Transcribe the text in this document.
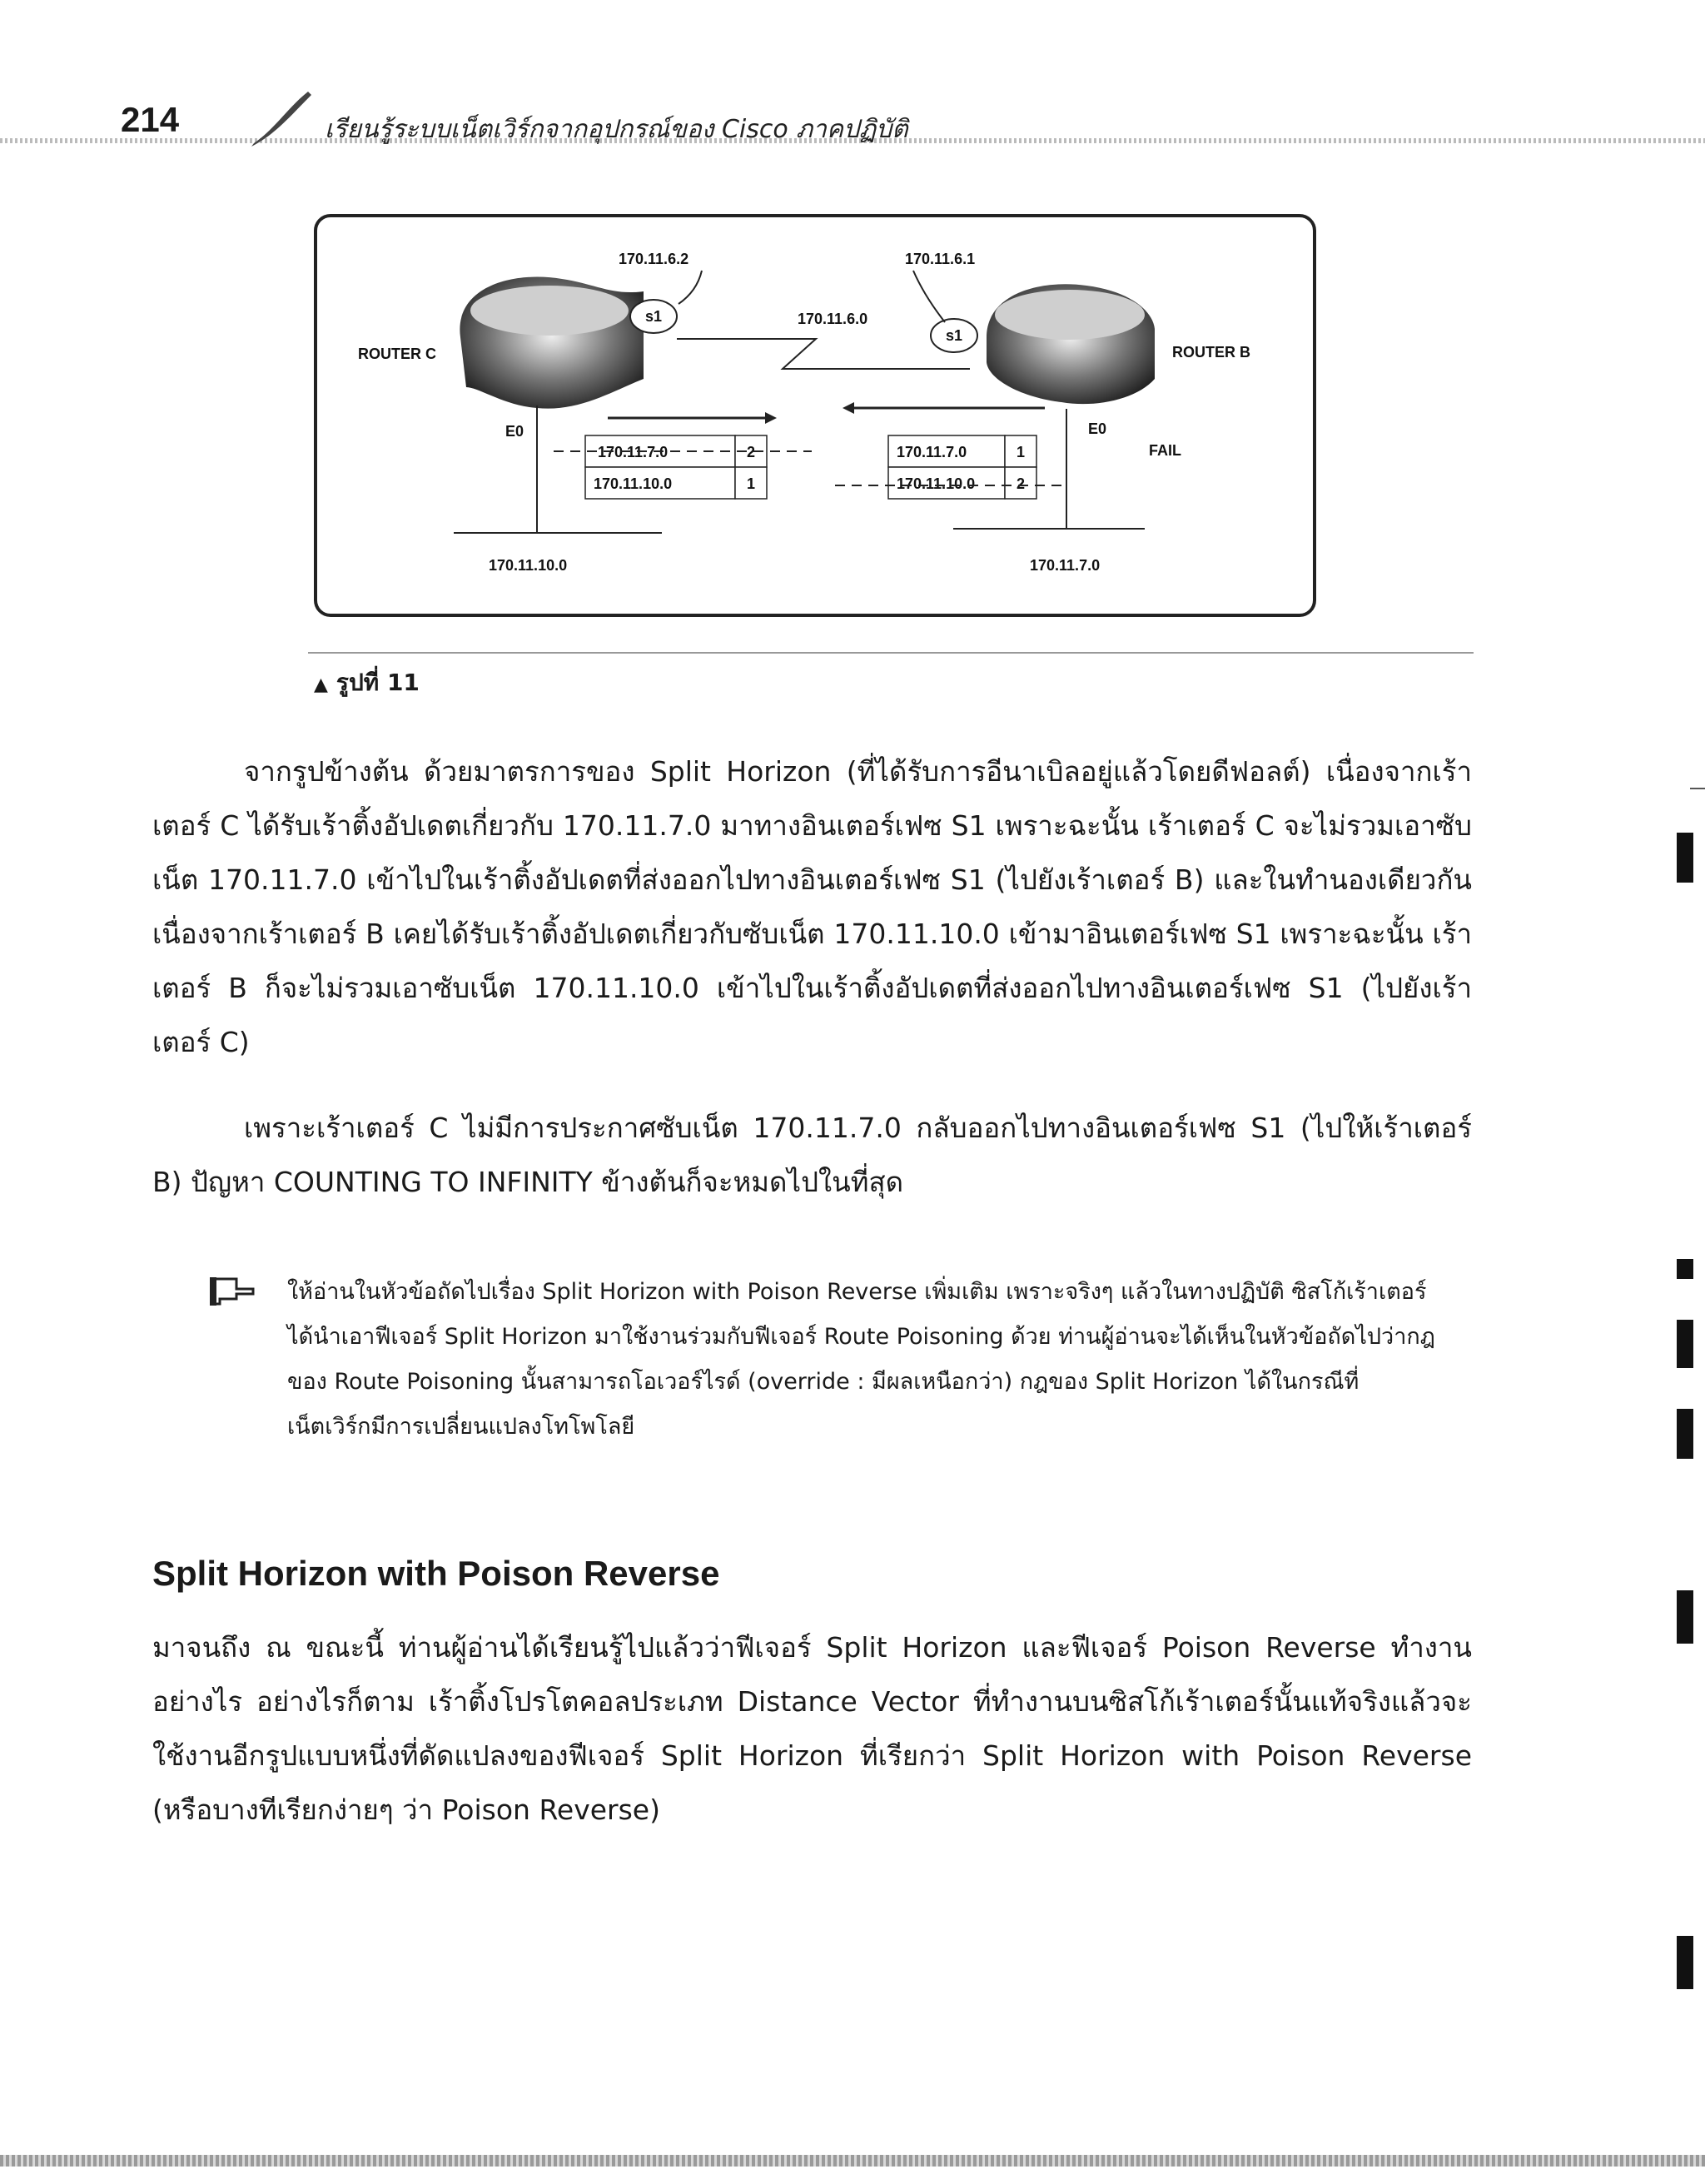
214	เรียนรู้ระบบเน็ตเวิร์กจากอุปกรณ์ของ Cisco ภาคปฏิบัติ
s1
s1
170.11.6.2	170.11.6.1
170.11.6.0
ROUTER C	ROUTER B
E0	E0
FAIL
170.11.7.0	2
170.11.10.0	1
170.11.7.0	1
170.11.10.0	2
170.11.10.0	170.11.7.0
▲ รูปที่ 11

จากรูปข้างต้น ด้วยมาตรการของ Split Horizon (ที่ได้รับการอีนาเบิลอยู่แล้วโดยดีฟอลต์) เนื่องจากเร้าเตอร์ C ได้รับเร้าติ้งอัปเดตเกี่ยวกับ 170.11.7.0 มาทางอินเตอร์เฟซ S1 เพราะฉะนั้น เร้าเตอร์ C จะไม่รวมเอาซับเน็ต 170.11.7.0 เข้าไปในเร้าติ้งอัปเดตที่ส่งออกไปทางอินเตอร์เฟซ S1 (ไปยังเร้าเตอร์ B) และในทำนองเดียวกัน เนื่องจากเร้าเตอร์ B เคยได้รับเร้าติ้งอัปเดตเกี่ยวกับซับเน็ต 170.11.10.0 เข้ามาอินเตอร์เฟซ S1 เพราะฉะนั้น เร้าเตอร์ B ก็จะไม่รวมเอาซับเน็ต 170.11.10.0 เข้าไปในเร้าติ้งอัปเดตที่ส่งออกไปทางอินเตอร์เฟซ S1 (ไปยังเร้าเตอร์ C)

เพราะเร้าเตอร์ C ไม่มีการประกาศซับเน็ต 170.11.7.0 กลับออกไปทางอินเตอร์เฟซ S1 (ไปให้เร้าเตอร์ B) ปัญหา COUNTING TO INFINITY ข้างต้นก็จะหมดไปในที่สุด

ให้อ่านในหัวข้อถัดไปเรื่อง Split Horizon with Poison Reverse เพิ่มเติม เพราะจริงๆ แล้วในทางปฏิบัติ ซิสโก้เร้าเตอร์ได้นำเอาฟีเจอร์ Split Horizon มาใช้งานร่วมกับฟีเจอร์ Route Poisoning ด้วย ท่านผู้อ่านจะได้เห็นในหัวข้อถัดไปว่ากฎของ Route Poisoning นั้นสามารถโอเวอร์ไรด์ (override : มีผลเหนือกว่า) กฎของ Split Horizon ได้ในกรณีที่เน็ตเวิร์กมีการเปลี่ยนแปลงโทโพโลยี

Split Horizon with Poison Reverse

มาจนถึง ณ ขณะนี้ ท่านผู้อ่านได้เรียนรู้ไปแล้วว่าฟีเจอร์ Split Horizon และฟีเจอร์ Poison Reverse ทำงานอย่างไร อย่างไรก็ตาม เร้าติ้งโปรโตคอลประเภท Distance Vector ที่ทำงานบนซิสโก้เร้าเตอร์นั้นแท้จริงแล้วจะใช้งานอีกรูปแบบหนึ่งที่ดัดแปลงของฟีเจอร์ Split Horizon ที่เรียกว่า Split Horizon with Poison Reverse (หรือบางทีเรียกง่ายๆ ว่า Poison Reverse)
